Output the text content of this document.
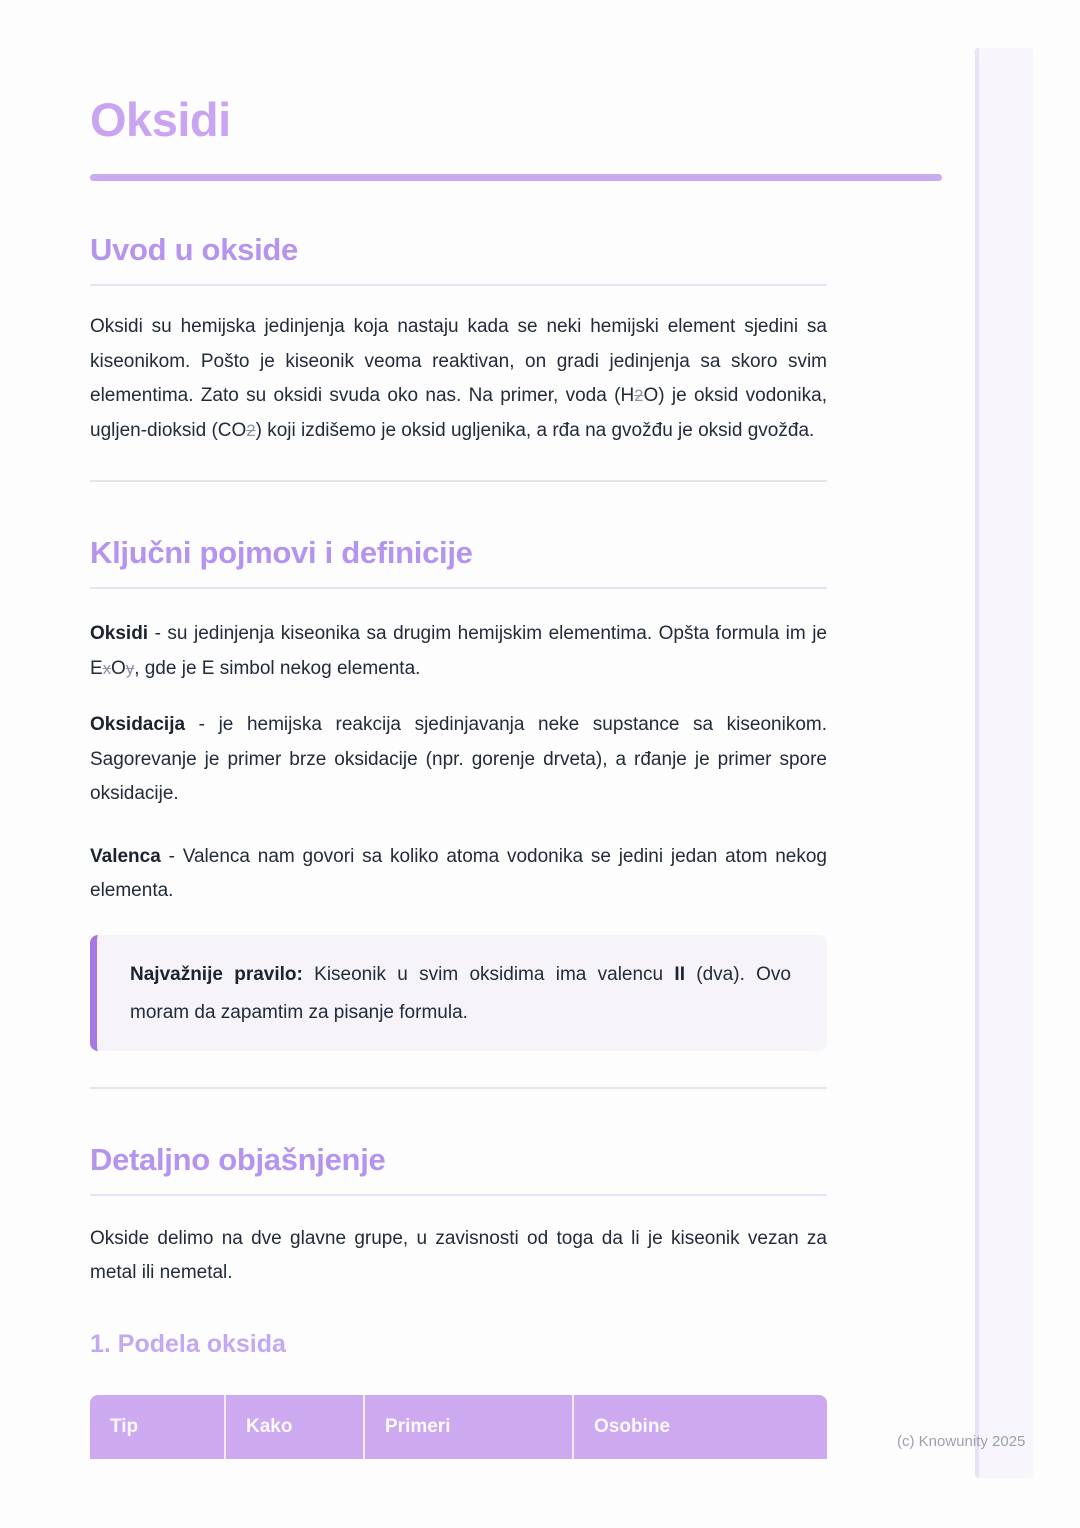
(c) Knowunity 2025
Oksidi
Uvod u okside

Oksidi su hemijska jedinjenja koja nastaju kada se neki hemijski element sjedini sa kiseonikom. Pošto je kiseonik veoma reaktivan, on gradi jedinjenja sa skoro svim elementima. Zato su oksidi svuda oko nas. Na primer, voda (H2O) je oksid vodonika, ugljen-dioksid (CO2) koji izdišemo je oksid ugljenika, a rđa na gvožđu je oksid gvožđa.

Ključni pojmovi i definicije

Oksidi - su jedinjenja kiseonika sa drugim hemijskim elementima. Opšta formula im je ExOy, gde je E simbol nekog elementa.

Oksidacija - je hemijska reakcija sjedinjavanja neke supstance sa kiseonikom. Sagorevanje je primer brze oksidacije (npr. gorenje drveta), a rđanje je primer spore oksidacije.

Valenca - Valenca nam govori sa koliko atoma vodonika se jedini jedan atom nekog elementa.

Najvažnije pravilo: Kiseonik u svim oksidima ima valencu II (dva). Ovo moram da zapamtim za pisanje formula.

Detaljno objašnjenje

Okside delimo na dve glavne grupe, u zavisnosti od toga da li je kiseonik vezan za metal ili nemetal.

1. Podela oksida
Tip	Kako	Primeri	Osobine
